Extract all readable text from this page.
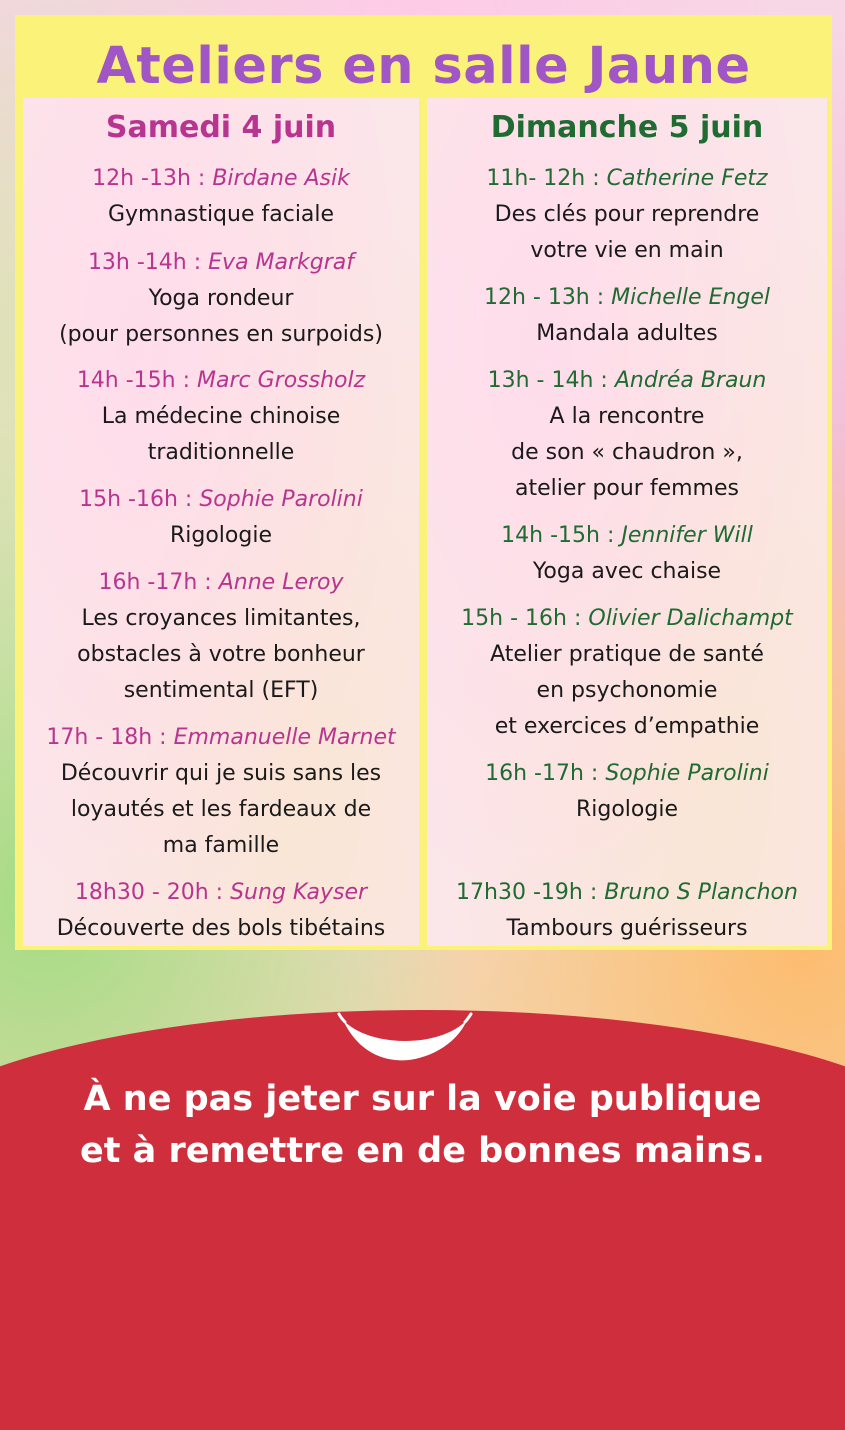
Ateliers en salle Jaune
Samedi 4 juin
12h -13h : Birdane Asik
Gymnastique faciale
13h -14h : Eva Markgraf
Yoga rondeur
(pour personnes en surpoids)
14h -15h : Marc Grossholz
La médecine chinoise
traditionnelle
15h -16h : Sophie Parolini
Rigologie
16h -17h : Anne Leroy
Les croyances limitantes,
obstacles à votre bonheur
sentimental (EFT)
17h - 18h : Emmanuelle Marnet
Découvrir qui je suis sans les
loyautés et les fardeaux de
ma famille
18h30 - 20h : Sung Kayser
Découverte des bols tibétains
Dimanche 5 juin
11h- 12h : Catherine Fetz
Des clés pour reprendre
votre vie en main
12h - 13h : Michelle Engel
Mandala adultes
13h - 14h : Andréa Braun
A la rencontre
de son « chaudron »,
atelier pour femmes
14h -15h : Jennifer Will
Yoga avec chaise
15h - 16h : Olivier Dalichampt
Atelier pratique de santé
en psychonomie
et exercices d’empathie
16h -17h : Sophie Parolini
Rigologie
17h30 -19h : Bruno S Planchon
Tambours guérisseurs
À ne pas jeter sur la voie publique
et à remettre en de bonnes mains.
